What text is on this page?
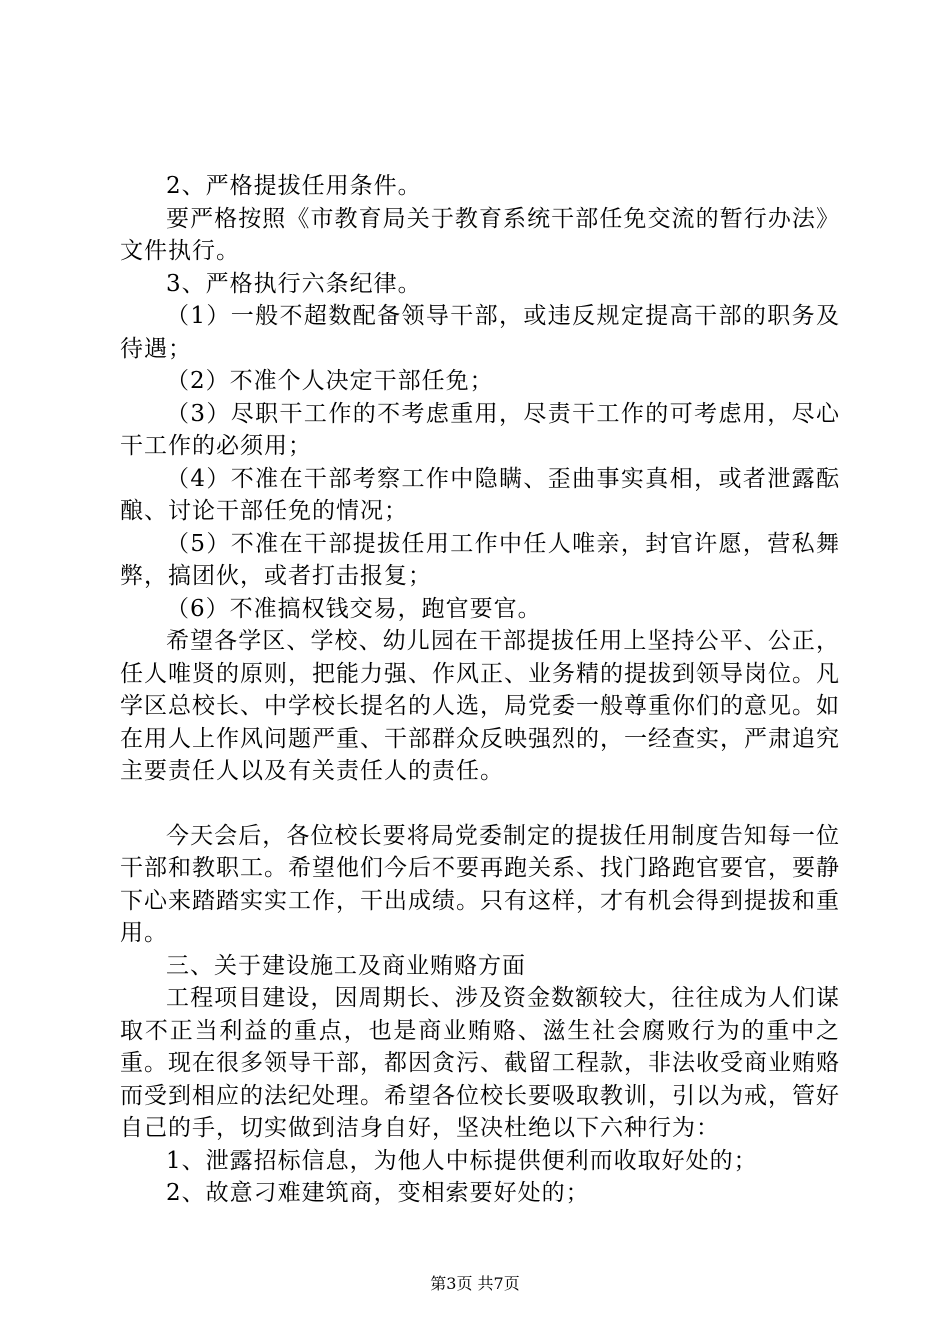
2、严格提拔任用条件。

要严格按照《市教育局关于教育系统干部任免交流的暂行办法》文件执行。

3、严格执行六条纪律。

（1）一般不超数配备领导干部，或违反规定提高干部的职务及待遇；

（2）不准个人决定干部任免；

（3）尽职干工作的不考虑重用，尽责干工作的可考虑用，尽心干工作的必须用；

（4）不准在干部考察工作中隐瞒、歪曲事实真相，或者泄露酝酿、讨论干部任免的情况；

（5）不准在干部提拔任用工作中任人唯亲，封官许愿，营私舞弊，搞团伙，或者打击报复；

（6）不准搞权钱交易，跑官要官。

希望各学区、学校、幼儿园在干部提拔任用上坚持公平、公正，任人唯贤的原则，把能力强、作风正、业务精的提拔到领导岗位。凡学区总校长、中学校长提名的人选，局党委一般尊重你们的意见。如在用人上作风问题严重、干部群众反映强烈的，一经查实，严肃追究主要责任人以及有关责任人的责任。

今天会后，各位校长要将局党委制定的提拔任用制度告知每一位干部和教职工。希望他们今后不要再跑关系、找门路跑官要官，要静下心来踏踏实实工作，干出成绩。只有这样，才有机会得到提拔和重用。

三、关于建设施工及商业贿赂方面

工程项目建设，因周期长、涉及资金数额较大，往往成为人们谋取不正当利益的重点，也是商业贿赂、滋生社会腐败行为的重中之重。现在很多领导干部，都因贪污、截留工程款，非法收受商业贿赂而受到相应的法纪处理。希望各位校长要吸取教训，引以为戒，管好自己的手，切实做到洁身自好，坚决杜绝以下六种行为：

1、泄露招标信息，为他人中标提供便利而收取好处的；

2、故意刁难建筑商，变相索要好处的；

第3页 共7页
